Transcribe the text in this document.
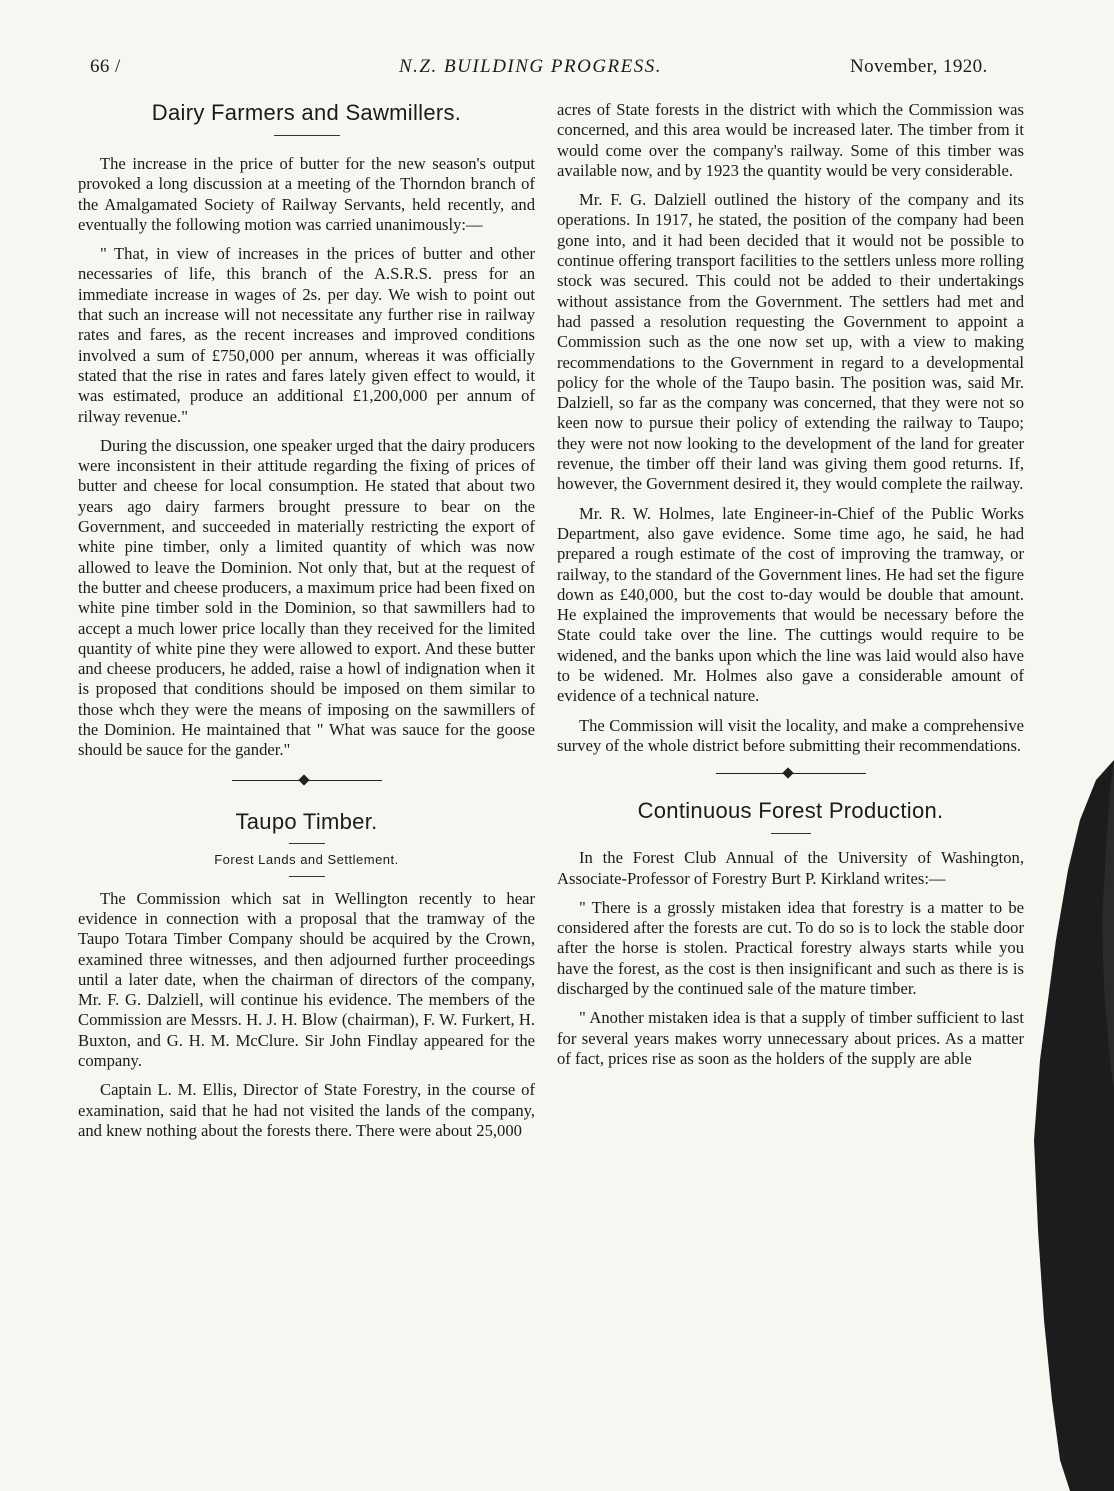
66 /	N.Z. BUILDING PROGRESS.	November, 1920.
Dairy Farmers and Sawmillers.

The increase in the price of butter for the new season's output provoked a long discussion at a meeting of the Thorndon branch of the Amalgamated Society of Railway Servants, held recently, and eventually the following motion was carried unanimously:—

" That, in view of increases in the prices of butter and other necessaries of life, this branch of the A.S.R.S. press for an immediate increase in wages of 2s. per day. We wish to point out that such an increase will not necessitate any further rise in railway rates and fares, as the recent increases and improved conditions involved a sum of £750,000 per annum, whereas it was officially stated that the rise in rates and fares lately given effect to would, it was estimated, produce an additional £1,200,000 per annum of rilway revenue."

During the discussion, one speaker urged that the dairy producers were inconsistent in their attitude regarding the fixing of prices of butter and cheese for local consumption. He stated that about two years ago dairy farmers brought pressure to bear on the Government, and succeeded in materially restricting the export of white pine timber, only a limited quantity of which was now allowed to leave the Dominion. Not only that, but at the request of the butter and cheese producers, a maximum price had been fixed on white pine timber sold in the Dominion, so that sawmillers had to accept a much lower price locally than they received for the limited quantity of white pine they were allowed to export. And these butter and cheese producers, he added, raise a howl of indignation when it is proposed that conditions should be imposed on them similar to those whch they were the means of imposing on the sawmillers of the Dominion. He maintained that " What was sauce for the goose should be sauce for the gander."

Taupo Timber.

Forest Lands and Settlement.

The Commission which sat in Wellington recently to hear evidence in connection with a proposal that the tramway of the Taupo Totara Timber Company should be acquired by the Crown, examined three witnesses, and then adjourned further proceedings until a later date, when the chairman of directors of the company, Mr. F. G. Dalziell, will continue his evidence. The members of the Commission are Messrs. H. J. H. Blow (chairman), F. W. Furkert, H. Buxton, and G. H. M. McClure. Sir John Findlay appeared for the company.

Captain L. M. Ellis, Director of State Forestry, in the course of examination, said that he had not visited the lands of the company, and knew nothing about the forests there. There were about 25,000

acres of State forests in the district with which the Commission was concerned, and this area would be increased later. The timber from it would come over the company's railway. Some of this timber was available now, and by 1923 the quantity would be very considerable.

Mr. F. G. Dalziell outlined the history of the company and its operations. In 1917, he stated, the position of the company had been gone into, and it had been decided that it would not be possible to continue offering transport facilities to the settlers unless more rolling stock was secured. This could not be added to their undertakings without assistance from the Government. The settlers had met and had passed a resolution requesting the Government to appoint a Commission such as the one now set up, with a view to making recommendations to the Government in regard to a developmental policy for the whole of the Taupo basin. The position was, said Mr. Dalziell, so far as the company was concerned, that they were not so keen now to pursue their policy of extending the railway to Taupo; they were not now looking to the development of the land for greater revenue, the timber off their land was giving them good returns. If, however, the Government desired it, they would complete the railway.

Mr. R. W. Holmes, late Engineer-in-Chief of the Public Works Department, also gave evidence. Some time ago, he said, he had prepared a rough estimate of the cost of improving the tramway, or railway, to the standard of the Government lines. He had set the figure down as £40,000, but the cost to-day would be double that amount. He explained the improvements that would be necessary before the State could take over the line. The cuttings would require to be widened, and the banks upon which the line was laid would also have to be widened. Mr. Holmes also gave a considerable amount of evidence of a technical nature.

The Commission will visit the locality, and make a comprehensive survey of the whole district before submitting their recommendations.

Continuous Forest Production.

In the Forest Club Annual of the University of Washington, Associate-Professor of Forestry Burt P. Kirkland writes:—

" There is a grossly mistaken idea that forestry is a matter to be considered after the forests are cut. To do so is to lock the stable door after the horse is stolen. Practical forestry always starts while you have the forest, as the cost is then insignificant and such as there is is discharged by the continued sale of the mature timber.

" Another mistaken idea is that a supply of timber sufficient to last for several years makes worry unnecessary about prices. As a matter of fact, prices rise as soon as the holders of the supply are able
